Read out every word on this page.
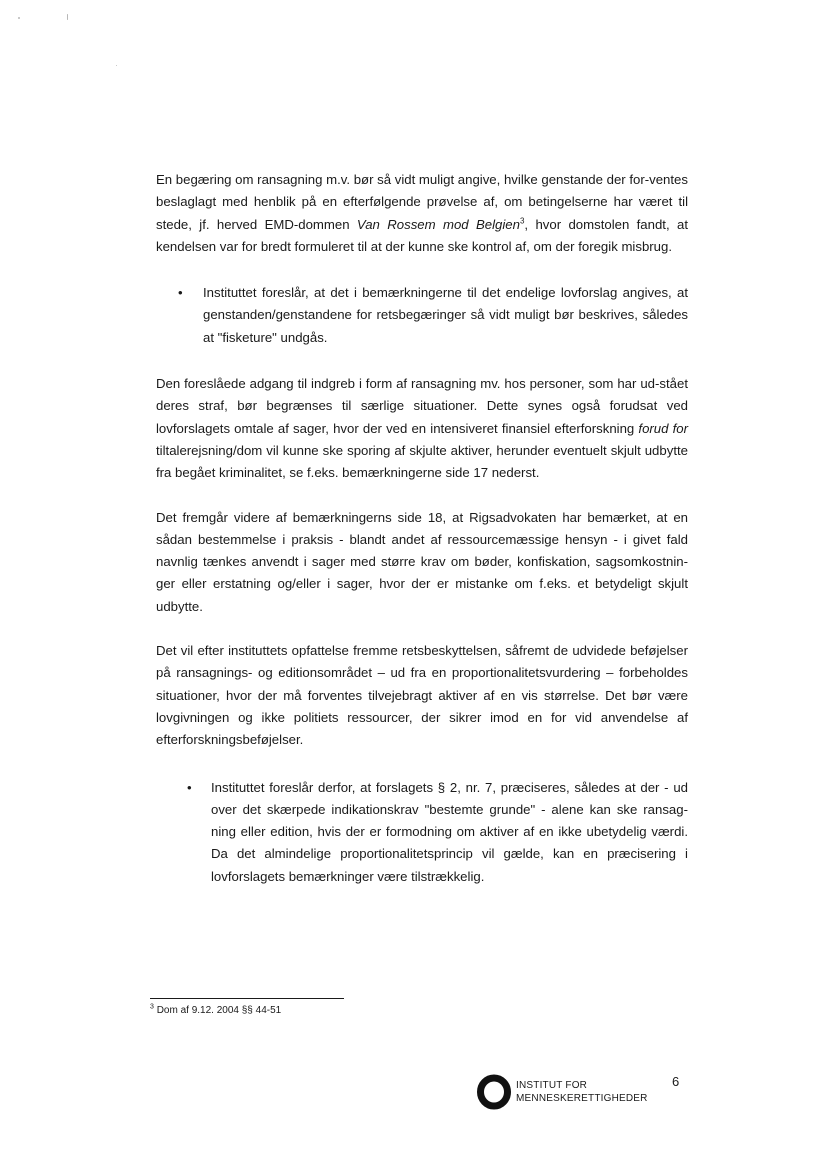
En begæring om ransagning m.v. bør så vidt muligt angive, hvilke genstande der for-ventes beslaglagt med henblik på en efterfølgende prøvelse af, om betingelserne har været til stede, jf. herved EMD-dommen Van Rossem mod Belgien$^3$, hvor domstolen fandt, at kendelsen var for bredt formuleret til at der kunne ske kontrol af, om der foregik misbrug.

• Instituttet foreslår, at det i bemærkningerne til det endelige lovforslag angives, at genstanden/genstandene for retsbegæringer så vidt muligt bør beskrives, således at "fisketure" undgås.

Den foreslåede adgang til indgreb i form af ransagning mv. hos personer, som har ud-stået deres straf, bør begrænses til særlige situationer. Dette synes også forudsat ved lovforslagets omtale af sager, hvor der ved en intensiveret finansiel efterforskning forud for tiltalerejsning/dom vil kunne ske sporing af skjulte aktiver, herunder eventuelt skjult udbytte fra begået kriminalitet, se f.eks. bemærkningerne side 17 nederst.

Det fremgår videre af bemærkningerns side 18, at Rigsadvokaten har bemærket, at en sådan bestemmelse i praksis - blandt andet af ressourcemæssige hensyn - i givet fald navnlig tænkes anvendt i sager med større krav om bøder, konfiskation, sagsomkostnin-ger eller erstatning og/eller i sager, hvor der er mistanke om f.eks. et betydeligt skjult udbytte.

Det vil efter instituttets opfattelse fremme retsbeskyttelsen, såfremt de udvidede beføjelser på ransagnings- og editionsområdet – ud fra en proportionalitetsvurdering – forbeholdes situationer, hvor der må forventes tilvejebragt aktiver af en vis størrelse. Det bør være lovgivningen og ikke politiets ressourcer, der sikrer imod en for vid anvendelse af efterforskningsbeføjelser.

• Instituttet foreslår derfor, at forslagets § 2, nr. 7, præciseres, således at der - ud over det skærpede indikationskrav "bestemte grunde" - alene kan ske ransag-ning eller edition, hvis der er formodning om aktiver af en ikke ubetydelig værdi. Da det almindelige proportionalitetsprincip vil gælde, kan en præcisering i lovforslagets bemærkninger være tilstrækkelig.

$^3$ Dom af 9.12. 2004 §§ 44-51
INSTITUT FOR
MENNESKERETTIGHEDER
6
